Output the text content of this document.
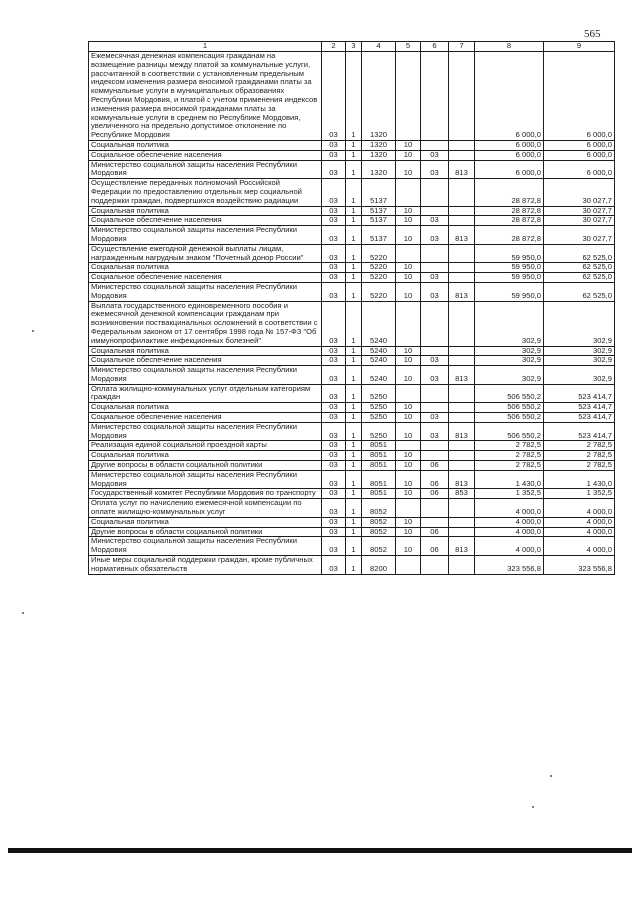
565
1	2	3	4	5	6	7	8	9
Ежемесячная денежная компенсация гражданам на возмещение разницы между платой за коммунальные услуги, рассчитанной в соответствии с установленным предельным индексом изменения размера вносимой гражданами платы за коммунальные услуги в муниципальных образованиях Республики Мордовия, и платой с учетом применения индексов изменения размера вносимой гражданами платы за коммунальные услуги в среднем по Республике Мордовия, увеличенного на предельно допустимое отклонение по Республике Мордовия	03	1	1320				6 000,0	6 000,0
Социальная политика	03	1	1320	10			6 000,0	6 000,0
Социальное обеспечение населения	03	1	1320	10	03		6 000,0	6 000,0
Министерство социальной защиты населения Республики Мордовия	03	1	1320	10	03	813	6 000,0	6 000,0
Осуществление переданных полномочий Российской Федерации по предоставлению отдельных мер социальной поддержки граждан, подвергшихся воздействию радиации	03	1	5137				28 872,8	30 027,7
Социальная политика	03	1	5137	10			28 872,8	30 027,7
Социальное обеспечение населения	03	1	5137	10	03		28 872,8	30 027,7
Министерство социальной защиты населения Республики Мордовия	03	1	5137	10	03	813	28 872,8	30 027,7
Осуществление ежегодной денежной выплаты лицам, награжденным нагрудным знаком "Почетный донор России"	03	1	5220				59 950,0	62 525,0
Социальная политика	03	1	5220	10			59 950,0	62 525,0
Социальное обеспечение населения	03	1	5220	10	03		59 950,0	62 525,0
Министерство социальной защиты населения Республики Мордовия	03	1	5220	10	03	813	59 950,0	62 525,0
Выплата государственного единовременного пособия и ежемесячной денежной компенсации гражданам при возникновении поствакцинальных осложнений в соответствии с Федеральным законом от 17 сентября 1998 года № 157-ФЗ "Об иммунопрофилактике инфекционных болезней"	03	1	5240				302,9	302,9
Социальная политика	03	1	5240	10			302,9	302,9
Социальное обеспечение населения	03	1	5240	10	03		302,9	302,9
Министерство социальной защиты населения Республики Мордовия	03	1	5240	10	03	813	302,9	302,9
Оплата жилищно-коммунальных услуг отдельным категориям граждан	03	1	5250				506 550,2	523 414,7
Социальная политика	03	1	5250	10			506 550,2	523 414,7
Социальное обеспечение населения	03	1	5250	10	03		506 550,2	523 414,7
Министерство социальной защиты населения Республики Мордовия	03	1	5250	10	03	813	506 550,2	523 414,7
Реализация единой социальной проездной карты	03	1	8051				2 782,5	2 782,5
Социальная политика	03	1	8051	10			2 782,5	2 782,5
Другие вопросы в области социальной политики	03	1	8051	10	06		2 782,5	2 782,5
Министерство социальной защиты населения Республики Мордовия	03	1	8051	10	06	813	1 430,0	1 430,0
Государственный комитет Республики Мордовия по транспорту	03	1	8051	10	06	853	1 352,5	1 352,5
Оплата услуг по начислению ежемесячной компенсации по оплате жилищно-коммунальных услуг	03	1	8052				4 000,0	4 000,0
Социальная политика	03	1	8052	10			4 000,0	4 000,0
Другие вопросы в области социальной политики	03	1	8052	10	06		4 000,0	4 000,0
Министерство социальной защиты населения Республики Мордовия	03	1	8052	10	06	813	4 000,0	4 000,0
Иные меры социальной поддержки граждан, кроме публичных нормативных обязательств	03	1	8200				323 556,8	323 556,8
